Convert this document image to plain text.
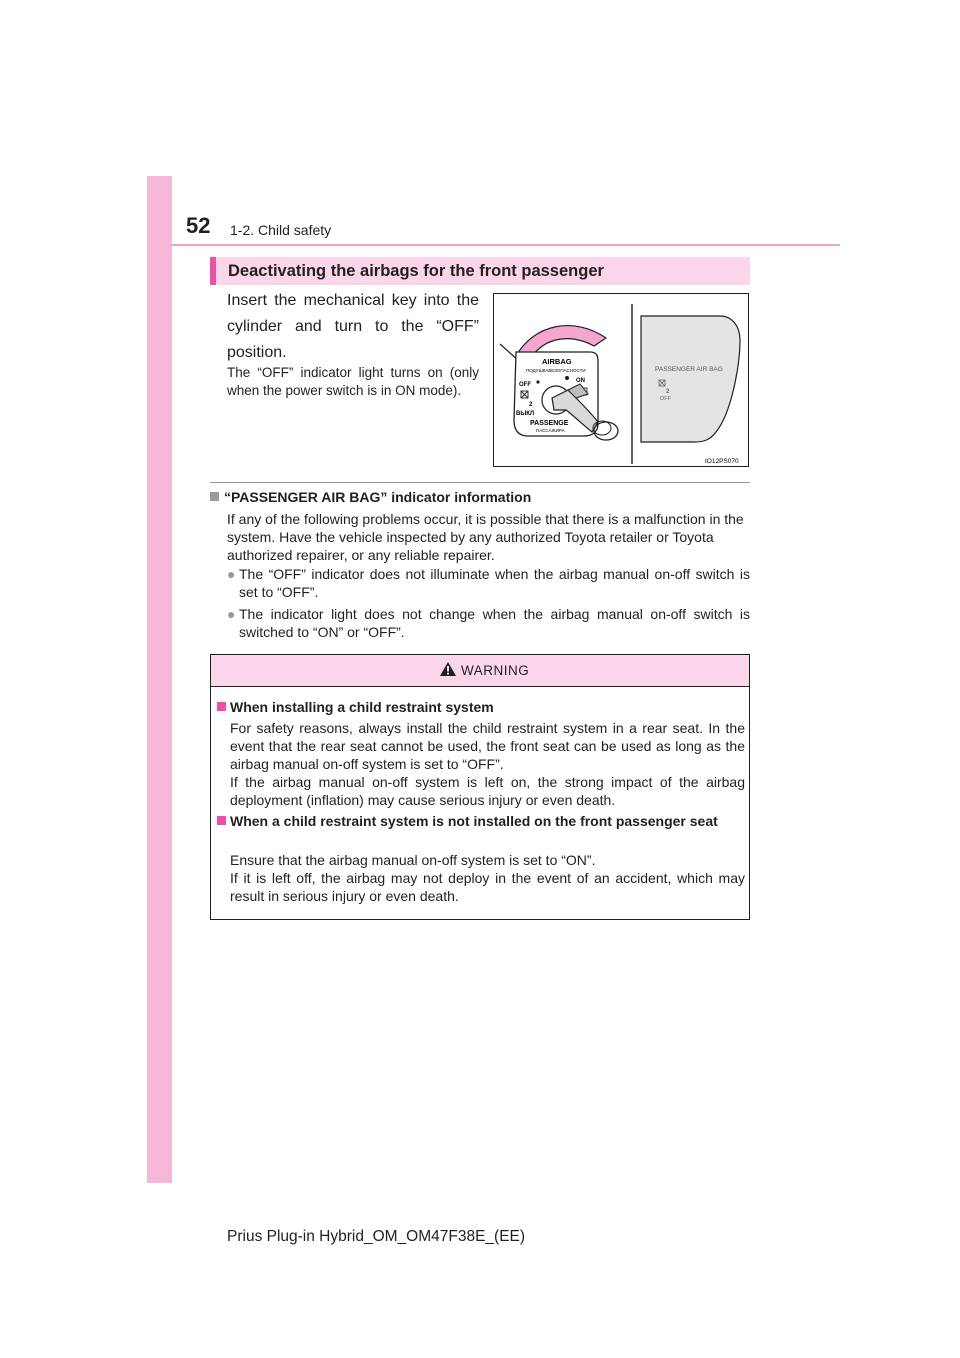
52 1-2. Child safety
Deactivating the airbags for the front passenger
Insert the mechanical key into the cylinder and turn to the “OFF” position.
The “OFF” indicator light turns on (only when the power switch is in ON mode).
AIRBAG
ПОДУШКАБЕЗОПАСНОСТИ
OFF
ON
ВЫКЛ
PASSENGE
ПАССАЖИРА
2
PASSENGER AIR BAG
2
OFF
IO12PS070
“PASSENGER AIR BAG” indicator information
If any of the following problems occur, it is possible that there is a malfunction in the system. Have the vehicle inspected by any authorized Toyota retailer or Toyota authorized repairer, or any reliable repairer.
● The “OFF” indicator does not illuminate when the airbag manual on-off switch is set to “OFF”.
● The indicator light does not change when the airbag manual on-off switch is switched to “ON” or “OFF”.
WARNING
When installing a child restraint system
For safety reasons, always install the child restraint system in a rear seat. In the event that the rear seat cannot be used, the front seat can be used as long as the airbag manual on-off system is set to “OFF”.
If the airbag manual on-off system is left on, the strong impact of the airbag deployment (inflation) may cause serious injury or even death.
When a child restraint system is not installed on the front passenger seat
Ensure that the airbag manual on-off system is set to “ON”.
If it is left off, the airbag may not deploy in the event of an accident, which may result in serious injury or even death.
Prius Plug-in Hybrid_OM_OM47F38E_(EE)
